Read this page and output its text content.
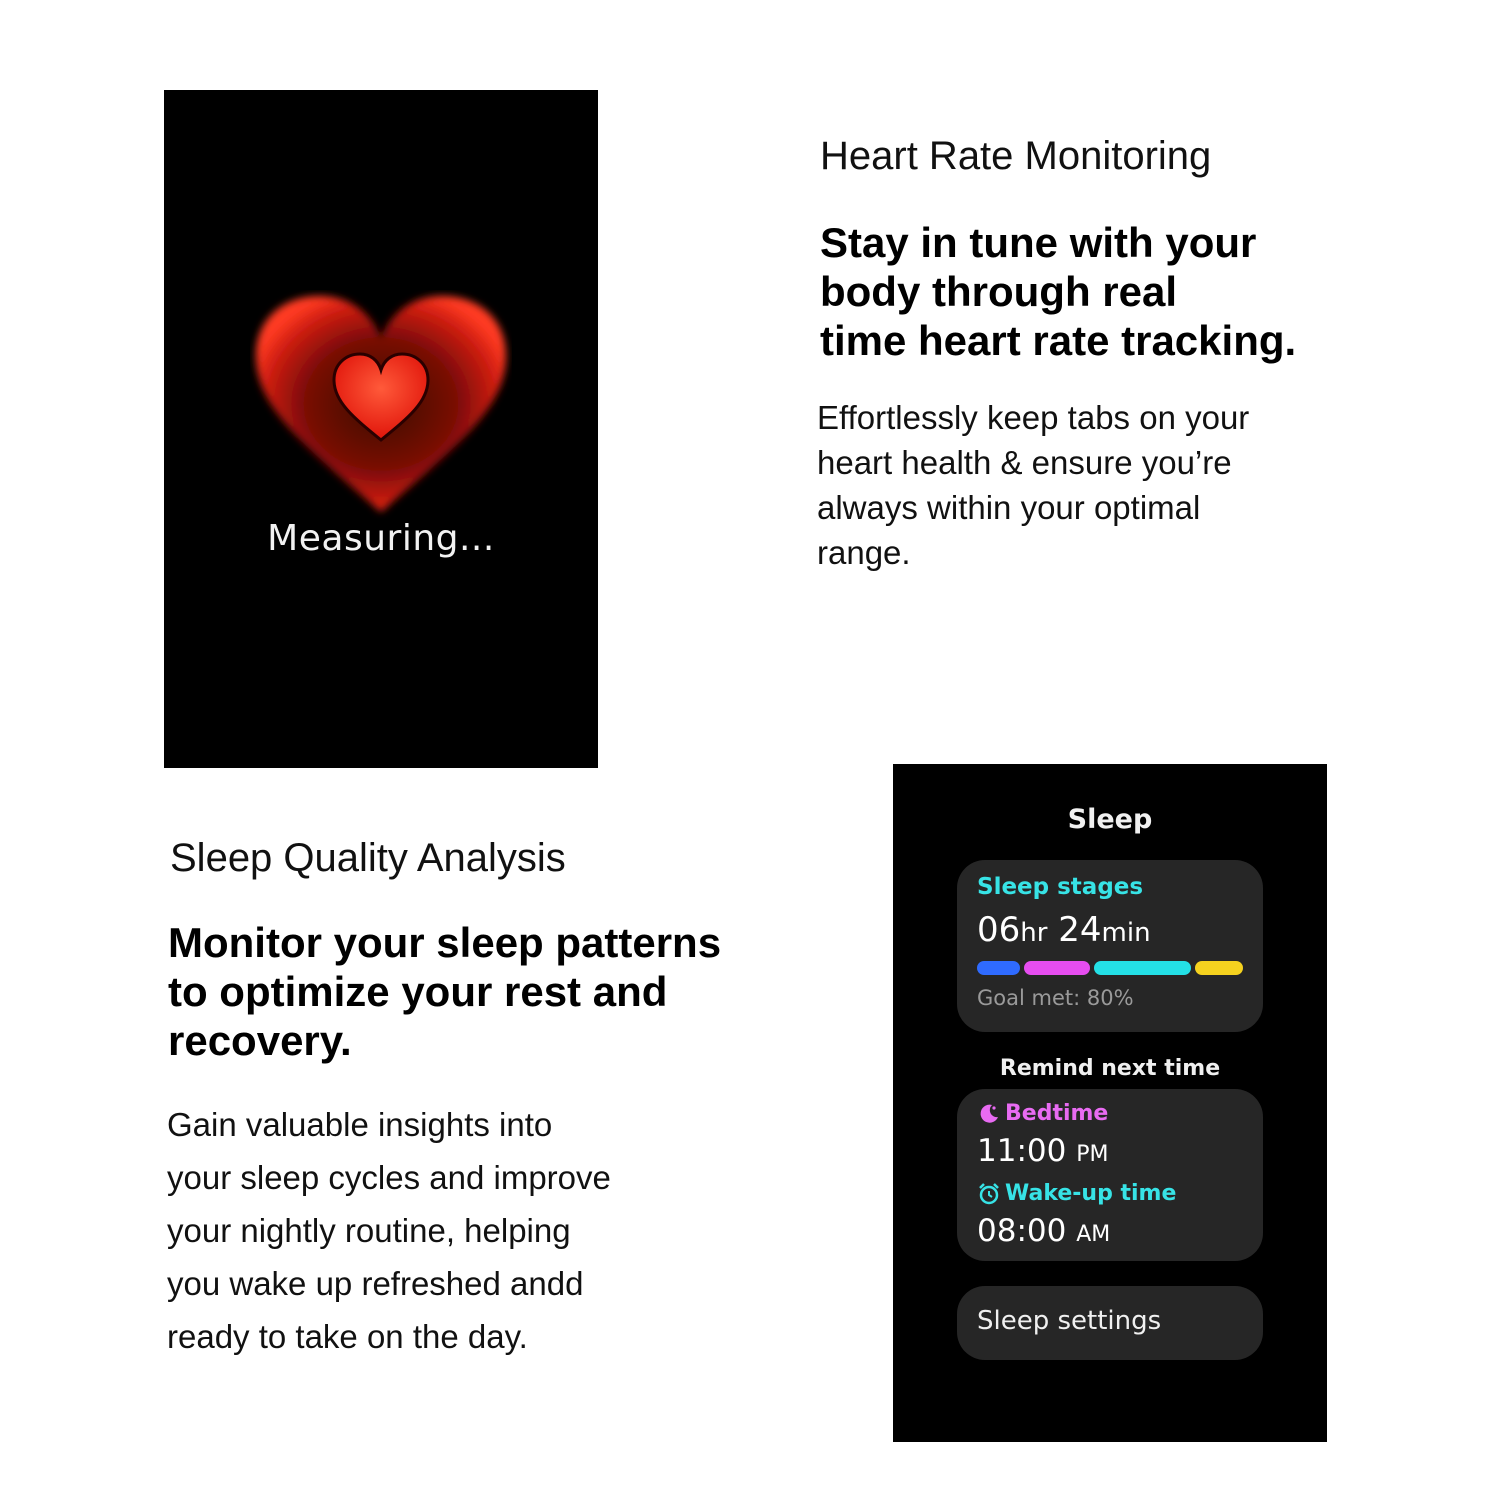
Measuring...
Heart Rate Monitoring
Stay in tune with your
body through real
time heart rate tracking.

Effortlessly keep tabs on your
heart health & ensure you’re
always within your optimal
range.

Sleep Quality Analysis
Monitor your sleep patterns
to optimize your rest and
recovery.

Gain valuable insights into
your sleep cycles and improve
your nightly routine, helping
you wake up refreshed andd
ready to take on the day.

Sleep
Sleep stages
06hr 24min
Goal met: 80%
Remind next time
Bedtime
11:00 PM
Wake-up time
08:00 AM
Sleep settings
